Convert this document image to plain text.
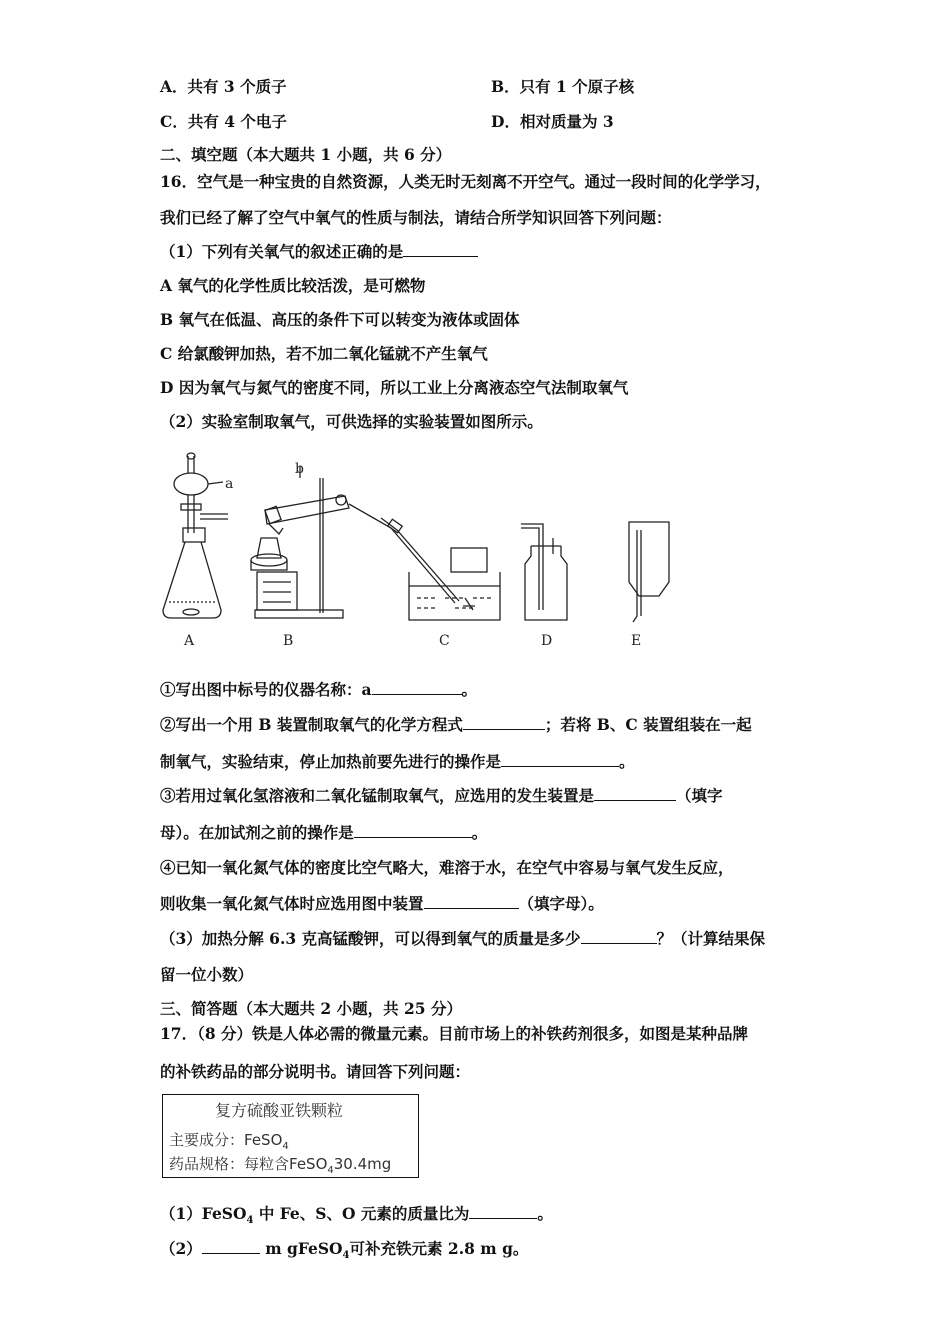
A．共有 3 个质子	B．只有 1 个原子核
C．共有 4 个电子	D．相对质量为 3
二、填空题（本大题共 1 小题，共 6 分）
16．空气是一种宝贵的自然资源，人类无时无刻离不开空气。通过一段时间的化学学习，
我们已经了解了空气中氧气的性质与制法，请结合所学知识回答下列问题：
（1）下列有关氧气的叙述正确的是
A 氧气的化学性质比较活泼，是可燃物
B 氧气在低温、高压的条件下可以转变为液体或固体
C 给氯酸钾加热，若不加二氧化锰就不产生氧气
D 因为氧气与氮气的密度不同，所以工业上分离液态空气法制取氧气
（2）实验室制取氧气，可供选择的实验装置如图所示。
a
A
b
B	C	D	E
①写出图中标号的仪器名称：a	。
②写出一个用 B 装置制取氧气的化学方程式	；若将 B、C 装置组装在一起
制氧气，实验结束，停止加热前要先进行的操作是	。
③若用过氧化氢溶液和二氧化锰制取氧气，应选用的发生装置是	（填字
母）。在加试剂之前的操作是	。
④已知一氧化氮气体的密度比空气略大，难溶于水，在空气中容易与氧气发生反应，
则收集一氧化氮气体时应选用图中装置	（填字母）。
（3）加热分解 6.3 克高锰酸钾，可以得到氧气的质量是多少	？（计算结果保
留一位小数）
三、简答题（本大题共 2 小题，共 25 分）
17．（8 分）铁是人体必需的微量元素。目前市场上的补铁药剂很多，如图是某种品牌
的补铁药品的部分说明书。请回答下列问题：
复方硫酸亚铁颗粒
主要成分：FeSO$_4$
药品规格：每粒含FeSO$_4$30.4mg
（1）FeSO$_4$ 中 Fe、S、O 元素的质量比为	。
（2）	m gFeSO$_4$可补充铁元素 2.8 m g。
